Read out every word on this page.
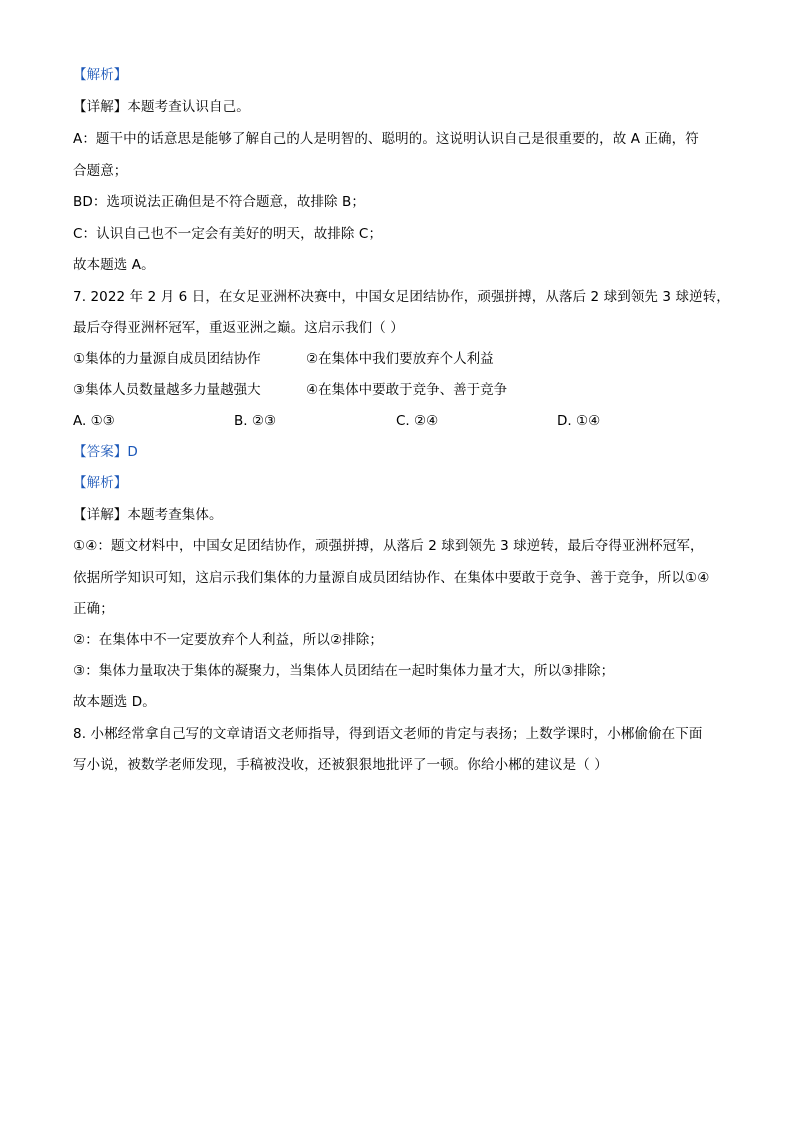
【解析】
【详解】本题考查认识自己。
A：题干中的话意思是能够了解自己的人是明智的、聪明的。这说明认识自己是很重要的，故 A 正确，符
合题意；
BD：选项说法正确但是不符合题意，故排除 B；
C：认识自己也不一定会有美好的明天，故排除 C；
故本题选 A。
7. 2022 年 2 月 6 日，在女足亚洲杯决赛中，中国女足团结协作，顽强拼搏，从落后 2 球到领先 3 球逆转，
最后夺得亚洲杯冠军，重返亚洲之巅。这启示我们（ ）
①集体的力量源自成员团结协作	②在集体中我们要放弃个人利益
③集体人员数量越多力量越强大	④在集体中要敢于竞争、善于竞争
A. ①③	B. ②③	C. ②④	D. ①④
【答案】D
【解析】
【详解】本题考查集体。
①④：题文材料中，中国女足团结协作，顽强拼搏，从落后 2 球到领先 3 球逆转，最后夺得亚洲杯冠军，
依据所学知识可知，这启示我们集体的力量源自成员团结协作、在集体中要敢于竞争、善于竞争，所以①④
正确；
②：在集体中不一定要放弃个人利益，所以②排除；
③：集体力量取决于集体的凝聚力，当集体人员团结在一起时集体力量才大，所以③排除；
故本题选 D。
8. 小郴经常拿自己写的文章请语文老师指导，得到语文老师的肯定与表扬；上数学课时，小郴偷偷在下面
写小说，被数学老师发现，手稿被没收，还被狠狠地批评了一顿。你给小郴的建议是（ ）
